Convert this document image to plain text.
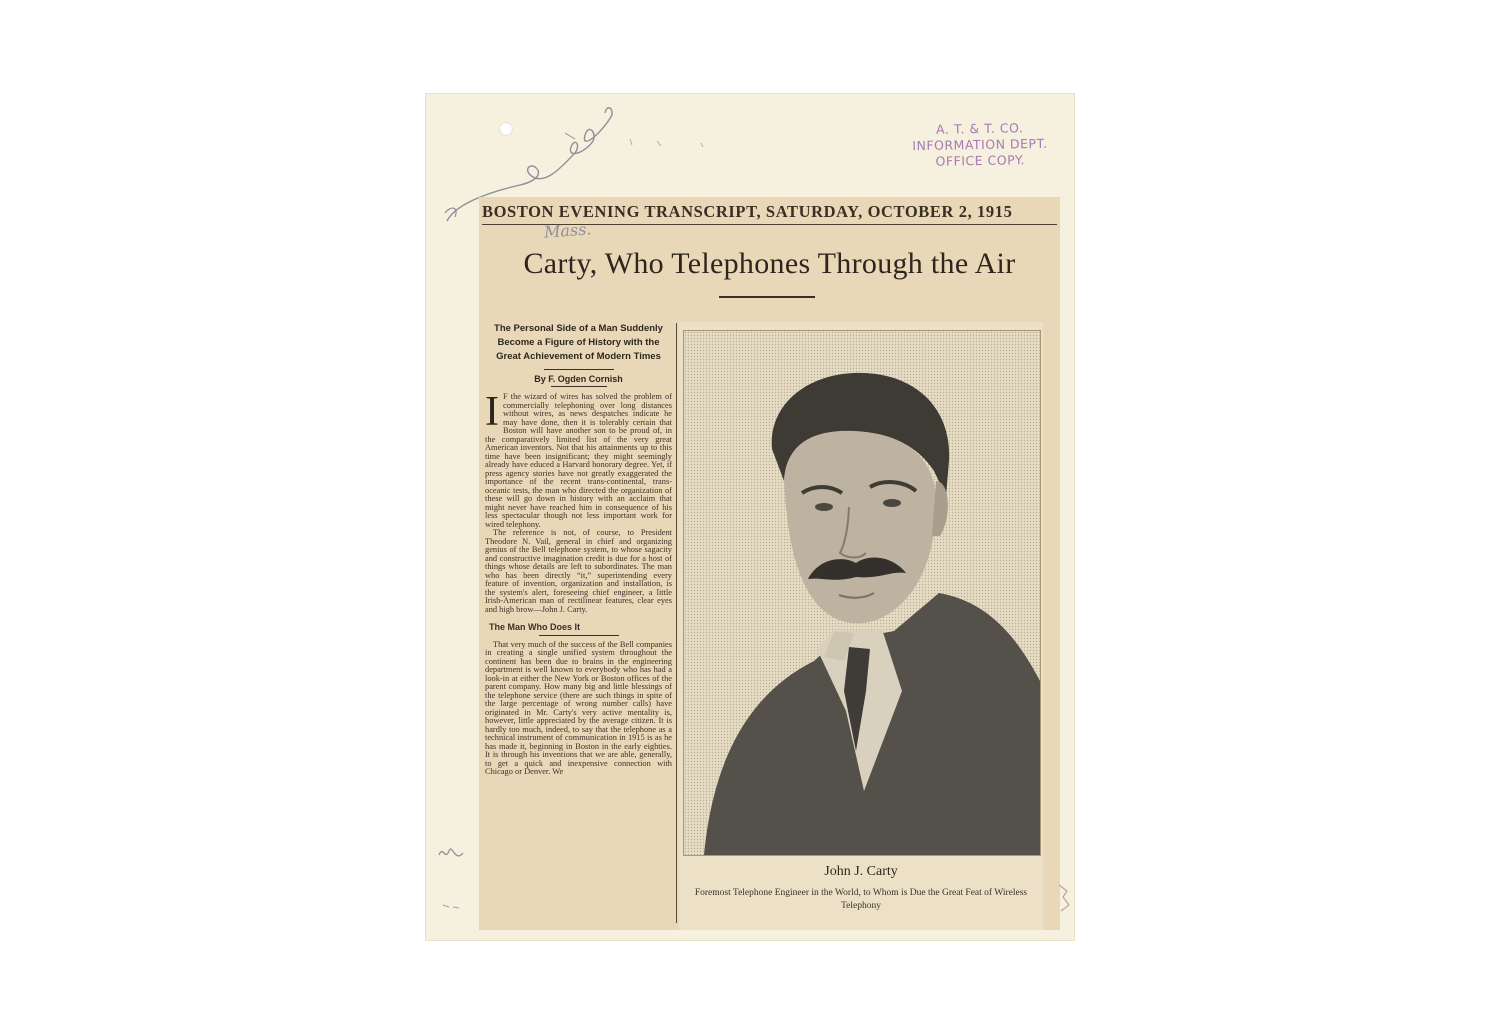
A. T. & T. CO.
INFORMATION DEPT.
OFFICE COPY.
BOSTON EVENING TRANSCRIPT, SATURDAY, OCTOBER 2, 1915
Mass.
Carty, Who Telephones Through the Air
The Personal Side of a Man Suddenly Become a Figure of History with the Great Achievement of Modern Times
By F. Ogden Cornish
I F the wizard of wires has solved the problem of commercially telephoning over long distances without wires, as news despatches indicate he may have done, then it is tolerably certain that Boston will have another son to be proud of, in the comparatively limited list of the very great American inventors. Not that his attainments up to this time have been insignificant; they might seemingly already have educed a Harvard honorary degree. Yet, if press agency stories have not greatly exaggerated the importance of the recent trans-continental, trans-oceanic tests, the man who directed the organization of these will go down in history with an acclaim that might never have reached him in consequence of his less spectacular though not less important work for wired telephony.

The reference is not, of course, to President Theodore N. Vail, general in chief and organizing genius of the Bell telephone system, to whose sagacity and constructive imagination credit is due for a host of things whose details are left to subordinates. The man who has been directly “it,” superintending every feature of invention, organization and installation, is the system's alert, foreseeing chief engineer, a little Irish-American man of rectilinear features, clear eyes and high brow—John J. Carty.

The Man Who Does It

That very much of the success of the Bell companies in creating a single unified system throughout the continent has been due to brains in the engineering department is well known to everybody who has had a look-in at either the New York or Boston offices of the parent company. How many big and little blessings of the telephone service (there are such things in spite of the large percentage of wrong number calls) have originated in Mr. Carty's very active mentality is, however, little appreciated by the average citizen. It is hardly too much, indeed, to say that the telephone as a technical instrument of communication in 1915 is as he has made it, beginning in Boston in the early eighties. It is through his inventions that we are able, generally, to get a quick and inexpensive connection with Chicago or Denver. We

John J. Carty
Foremost Telephone Engineer in the World, to Whom is Due the Great Feat of Wireless Telephony
